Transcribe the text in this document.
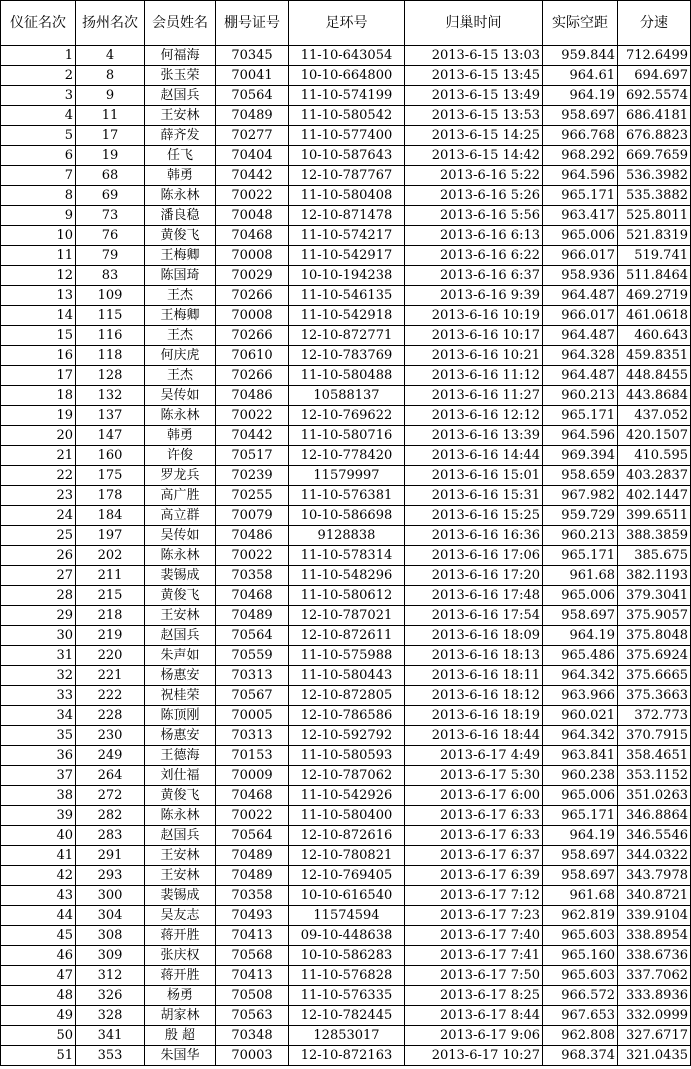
仪征名次	扬州名次	会员姓名	棚号证号	足环号	归巢时间	实际空距	分速
1	4	何福海	70345	11-10-643054	2013-6-15 13:03	959.844	712.6499
2	8	张玉荣	70041	10-10-664800	2013-6-15 13:45	964.61	694.697
3	9	赵国兵	70564	11-10-574199	2013-6-15 13:49	964.19	692.5574
4	11	王安林	70489	11-10-580542	2013-6-15 13:53	958.697	686.4181
5	17	薛齐发	70277	11-10-577400	2013-6-15 14:25	966.768	676.8823
6	19	任飞	70404	10-10-587643	2013-6-15 14:42	968.292	669.7659
7	68	韩勇	70442	12-10-787767	2013-6-16 5:22	964.596	536.3982
8	69	陈永林	70022	11-10-580408	2013-6-16 5:26	965.171	535.3882
9	73	潘良稳	70048	12-10-871478	2013-6-16 5:56	963.417	525.8011
10	76	黄俊飞	70468	11-10-574217	2013-6-16 6:13	965.006	521.8319
11	79	王梅卿	70008	11-10-542917	2013-6-16 6:22	966.017	519.741
12	83	陈国琦	70029	10-10-194238	2013-6-16 6:37	958.936	511.8464
13	109	王杰	70266	11-10-546135	2013-6-16 9:39	964.487	469.2719
14	115	王梅卿	70008	11-10-542918	2013-6-16 10:19	966.017	461.0618
15	116	王杰	70266	12-10-872771	2013-6-16 10:17	964.487	460.643
16	118	何庆虎	70610	12-10-783769	2013-6-16 10:21	964.328	459.8351
17	128	王杰	70266	11-10-580488	2013-6-16 11:12	964.487	448.8455
18	132	吴传如	70486	10588137	2013-6-16 11:27	960.213	443.8684
19	137	陈永林	70022	12-10-769622	2013-6-16 12:12	965.171	437.052
20	147	韩勇	70442	11-10-580716	2013-6-16 13:39	964.596	420.1507
21	160	许俊	70517	12-10-778420	2013-6-16 14:44	969.394	410.595
22	175	罗龙兵	70239	11579997	2013-6-16 15:01	958.659	403.2837
23	178	高广胜	70255	11-10-576381	2013-6-16 15:31	967.982	402.1447
24	184	高立群	70079	10-10-586698	2013-6-16 15:25	959.729	399.6511
25	197	吴传如	70486	9128838	2013-6-16 16:36	960.213	388.3859
26	202	陈永林	70022	11-10-578314	2013-6-16 17:06	965.171	385.675
27	211	裴锡成	70358	11-10-548296	2013-6-16 17:20	961.68	382.1193
28	215	黄俊飞	70468	11-10-580612	2013-6-16 17:48	965.006	379.3041
29	218	王安林	70489	12-10-787021	2013-6-16 17:54	958.697	375.9057
30	219	赵国兵	70564	12-10-872611	2013-6-16 18:09	964.19	375.8048
31	220	朱声如	70559	11-10-575988	2013-6-16 18:13	965.486	375.6924
32	221	杨惠安	70313	11-10-580443	2013-6-16 18:11	964.342	375.6665
33	222	祝桂荣	70567	12-10-872805	2013-6-16 18:12	963.966	375.3663
34	228	陈顶刚	70005	12-10-786586	2013-6-16 18:19	960.021	372.773
35	230	杨惠安	70313	12-10-592792	2013-6-16 18:44	964.342	370.7915
36	249	王德海	70153	11-10-580593	2013-6-17 4:49	963.841	358.4651
37	264	刘仕福	70009	12-10-787062	2013-6-17 5:30	960.238	353.1152
38	272	黄俊飞	70468	11-10-542926	2013-6-17 6:00	965.006	351.0263
39	282	陈永林	70022	11-10-580400	2013-6-17 6:33	965.171	346.8864
40	283	赵国兵	70564	12-10-872616	2013-6-17 6:33	964.19	346.5546
41	291	王安林	70489	12-10-780821	2013-6-17 6:37	958.697	344.0322
42	293	王安林	70489	12-10-769405	2013-6-17 6:39	958.697	343.7978
43	300	裴锡成	70358	10-10-616540	2013-6-17 7:12	961.68	340.8721
44	304	吴友志	70493	11574594	2013-6-17 7:23	962.819	339.9104
45	308	蒋开胜	70413	09-10-448638	2013-6-17 7:40	965.603	338.8954
46	309	张庆权	70568	10-10-586283	2013-6-17 7:41	965.160	338.6736
47	312	蒋开胜	70413	11-10-576828	2013-6-17 7:50	965.603	337.7062
48	326	杨勇	70508	11-10-576335	2013-6-17 8:25	966.572	333.8936
49	328	胡家林	70563	12-10-782445	2013-6-17 8:44	967.653	332.0999
50	341	殷 超	70348	12853017	2013-6-17 9:06	962.808	327.6717
51	353	朱国华	70003	12-10-872163	2013-6-17 10:27	968.374	321.0435
